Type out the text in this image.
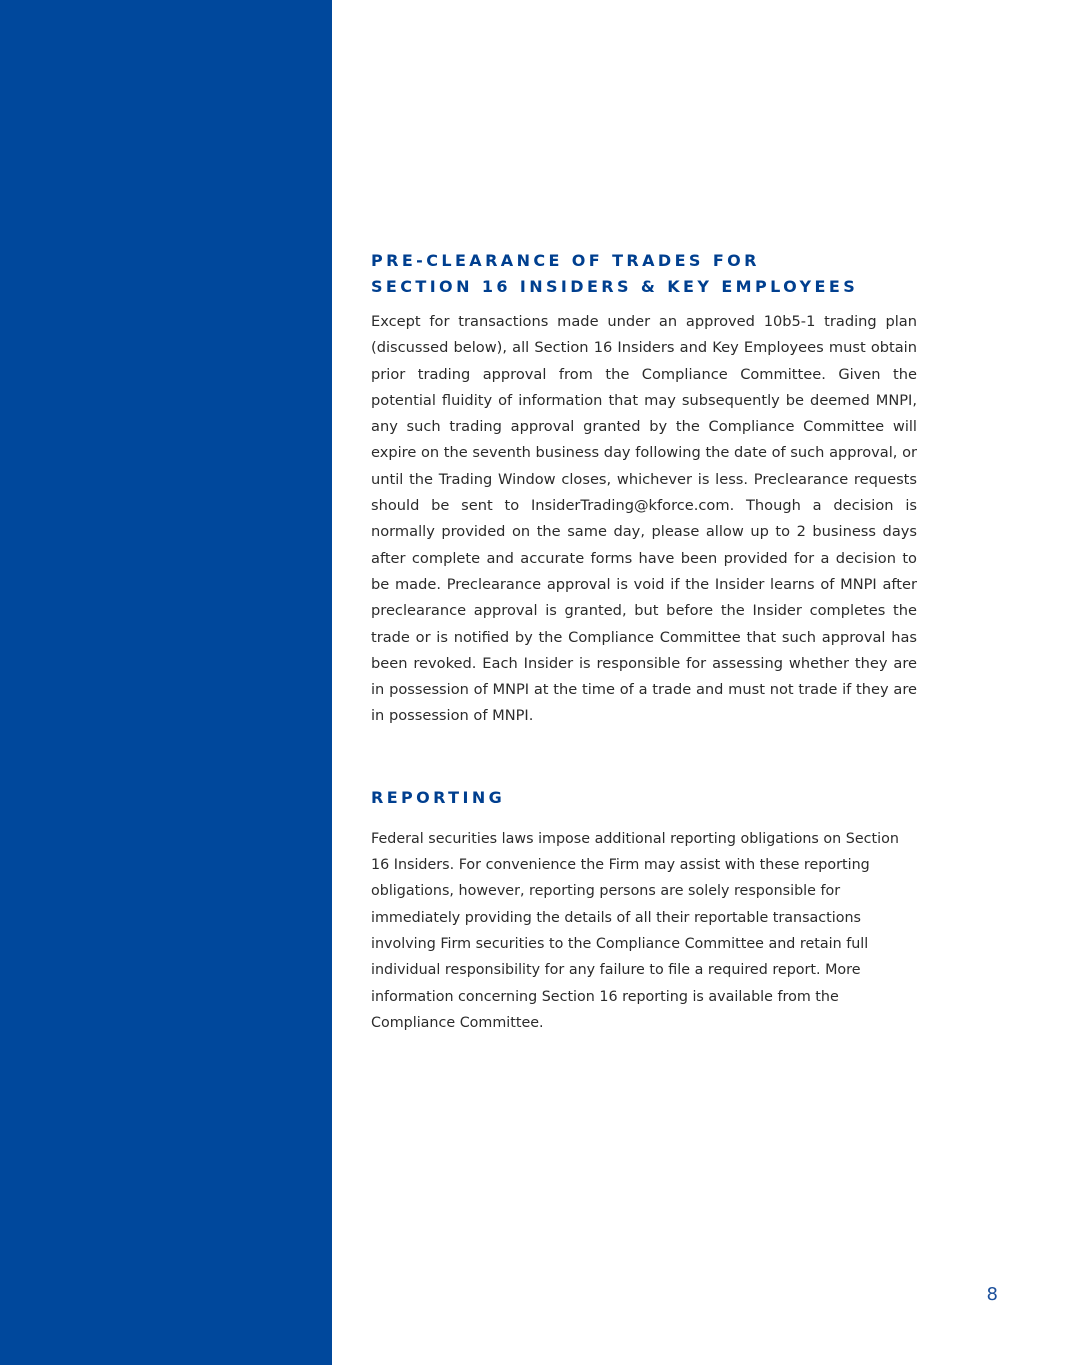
PRE-CLEARANCE OF TRADES FOR
SECTION 16 INSIDERS & KEY EMPLOYEES

Except for transactions made under an approved 10b5-1 trading plan (discussed below), all Section 16 Insiders and Key Employees must obtain prior trading approval from the Compliance Committee. Given the potential fluidity of information that may subsequently be deemed MNPI, any such trading approval granted by the Compliance Committee will expire on the seventh business day following the date of such approval, or until the Trading Window closes, whichever is less. Preclearance requests should be sent to InsiderTrading@kforce.com. Though a decision is normally provided on the same day, please allow up to 2 business days after complete and accurate forms have been provided for a decision to be made. Preclearance approval is void if the Insider learns of MNPI after preclearance approval is granted, but before the Insider completes the trade or is notified by the Compliance Committee that such approval has been revoked. Each Insider is responsible for assessing whether they are in possession of MNPI at the time of a trade and must not trade if they are in possession of MNPI.

REPORTING

Federal securities laws impose additional reporting obligations on Section 16 Insiders. For convenience the Firm may assist with these reporting obligations, however, reporting persons are solely responsible for immediately providing the details of all their reportable transactions involving Firm securities to the Compliance Committee and retain full individual responsibility for any failure to file a required report. More information concerning Section 16 reporting is available from the Compliance Committee.

8
